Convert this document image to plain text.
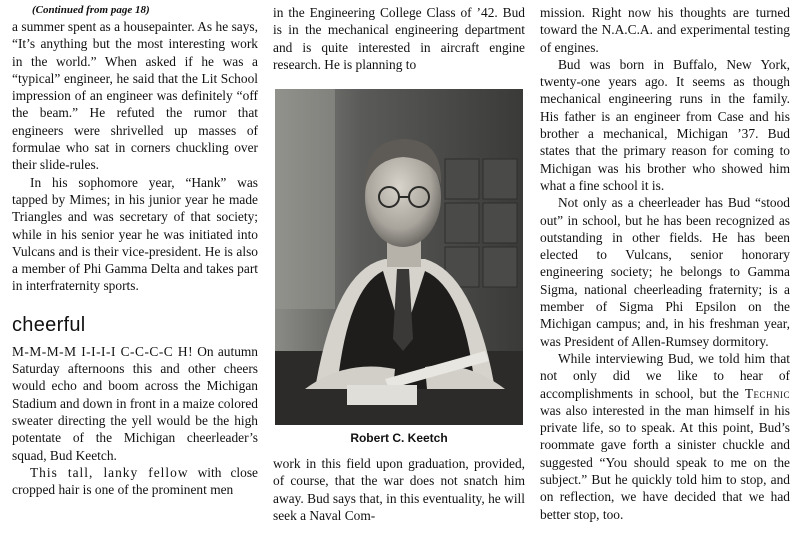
(Continued from page 18)

a summer spent as a housepainter. As he says, “It’s anything but the most interesting work in the world.” When asked if he was a “typical” engineer, he said that the Lit School impression of an engineer was definitely “off the beam.” He refuted the rumor that engineers were shrivelled up masses of formulae who sat in corners chuckling over their slide-rules.

In his sophomore year, “Hank” was tapped by Mimes; in his junior year he made Triangles and was secretary of that society; while in his senior year he was initiated into Vulcans and is their vice-president. He is also a member of Phi Gamma Delta and takes part in interfraternity sports.

cheerful

M-M-M-M I-I-I-I C-C-C-C H! On autumn Saturday afternoons this and other cheers would echo and boom across the Michigan Stadium and down in front in a maize colored sweater directing the yell would be the high potentate of the Michigan cheerleader’s squad, Bud Keetch.

This tall, lanky fellow with close cropped hair is one of the prominent men

in the Engineering College Class of ’42. Bud is in the mechanical engineering department and is quite interested in aircraft engine research. He is planning to

Robert C. Keetch

work in this field upon graduation, provided, of course, that the war does not snatch him away. Bud says that, in this eventuality, he will seek a Naval Com-

mission. Right now his thoughts are turned toward the N.A.C.A. and experimental testing of engines.

Bud was born in Buffalo, New York, twenty-one years ago. It seems as though mechanical engineering runs in the family. His father is an engineer from Case and his brother a mechanical, Michigan ’37. Bud states that the primary reason for coming to Michigan was his brother who showed him what a fine school it is.

Not only as a cheerleader has Bud “stood out” in school, but he has been recognized as outstanding in other fields. He has been elected to Vulcans, senior honorary engineering society; he belongs to Gamma Sigma, national cheerleading fraternity; is a member of Sigma Phi Epsilon on the Michigan campus; and, in his freshman year, was President of Allen-Rumsey dormitory.

While interviewing Bud, we told him that not only did we like to hear of accomplishments in school, but the Technic was also interested in the man himself in his private life, so to speak. At this point, Bud’s roommate gave forth a sinister chuckle and suggested “You should speak to me on the subject.” But he quickly told him to stop, and on reflection, we have decided that we had better stop, too.
